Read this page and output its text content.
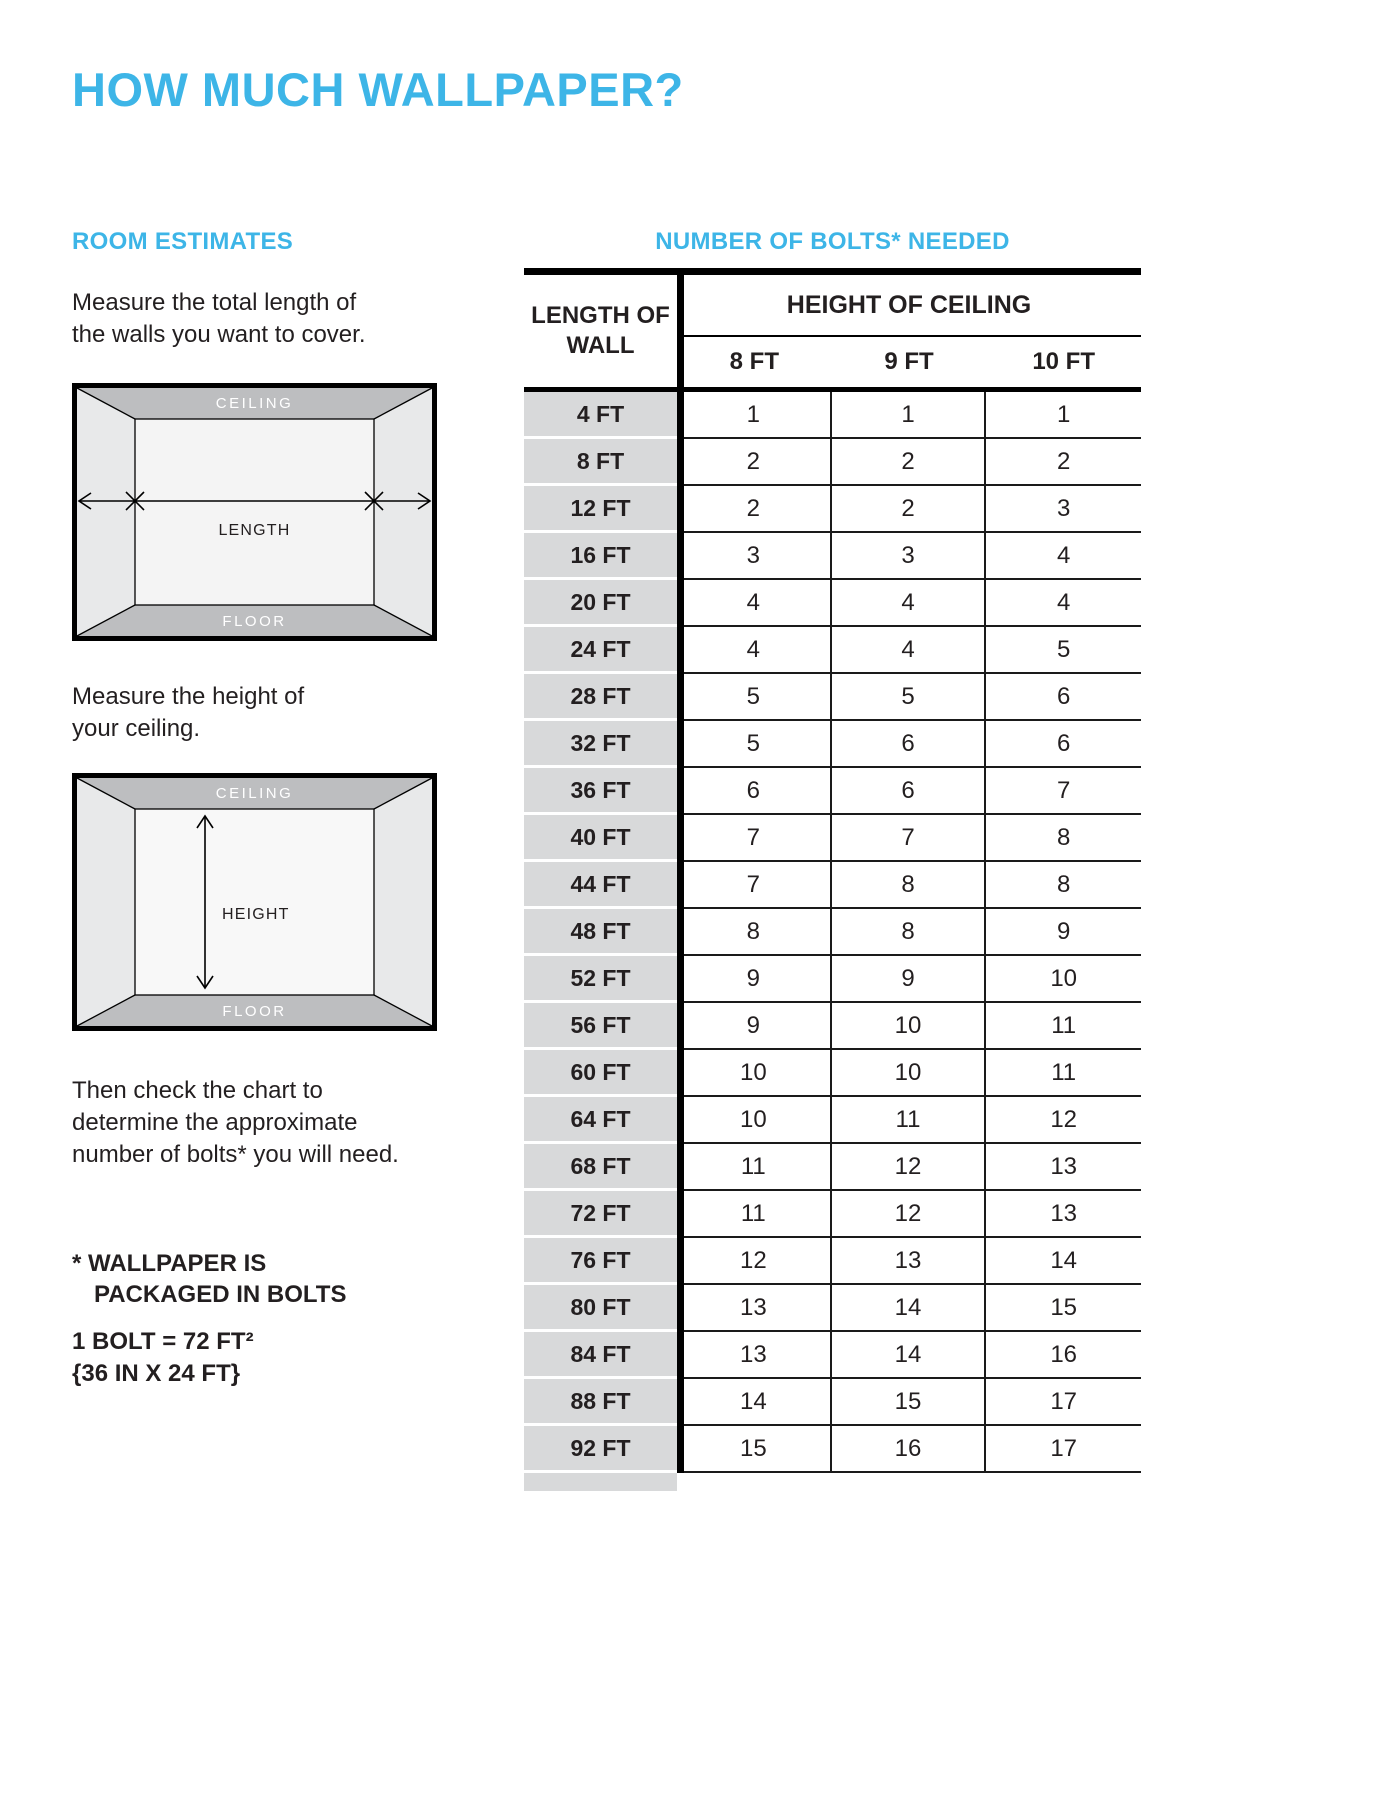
HOW MUCH WALLPAPER?
ROOM ESTIMATES

Measure the total length of the walls you want to cover.

CEILING
LENGTH
FLOOR

Measure the height of your ceiling.

CEILING
HEIGHT
FLOOR

Then check the chart to determine the approximate number of bolts* you will need.

* WALLPAPER IS
PACKAGED IN BOLTS
1 BOLT = 72 FT²
{36 IN X 24 FT}
NUMBER OF BOLTS* NEEDED
LENGTH OF WALL
HEIGHT OF CEILING
8 FT	9 FT	10 FT
4 FT	1	1	1
8 FT	2	2	2
12 FT	2	2	3
16 FT	3	3	4
20 FT	4	4	4
24 FT	4	4	5
28 FT	5	5	6
32 FT	5	6	6
36 FT	6	6	7
40 FT	7	7	8
44 FT	7	8	8
48 FT	8	8	9
52 FT	9	9	10
56 FT	9	10	11
60 FT	10	10	11
64 FT	10	11	12
68 FT	11	12	13
72 FT	11	12	13
76 FT	12	13	14
80 FT	13	14	15
84 FT	13	14	16
88 FT	14	15	17
92 FT	15	16	17
